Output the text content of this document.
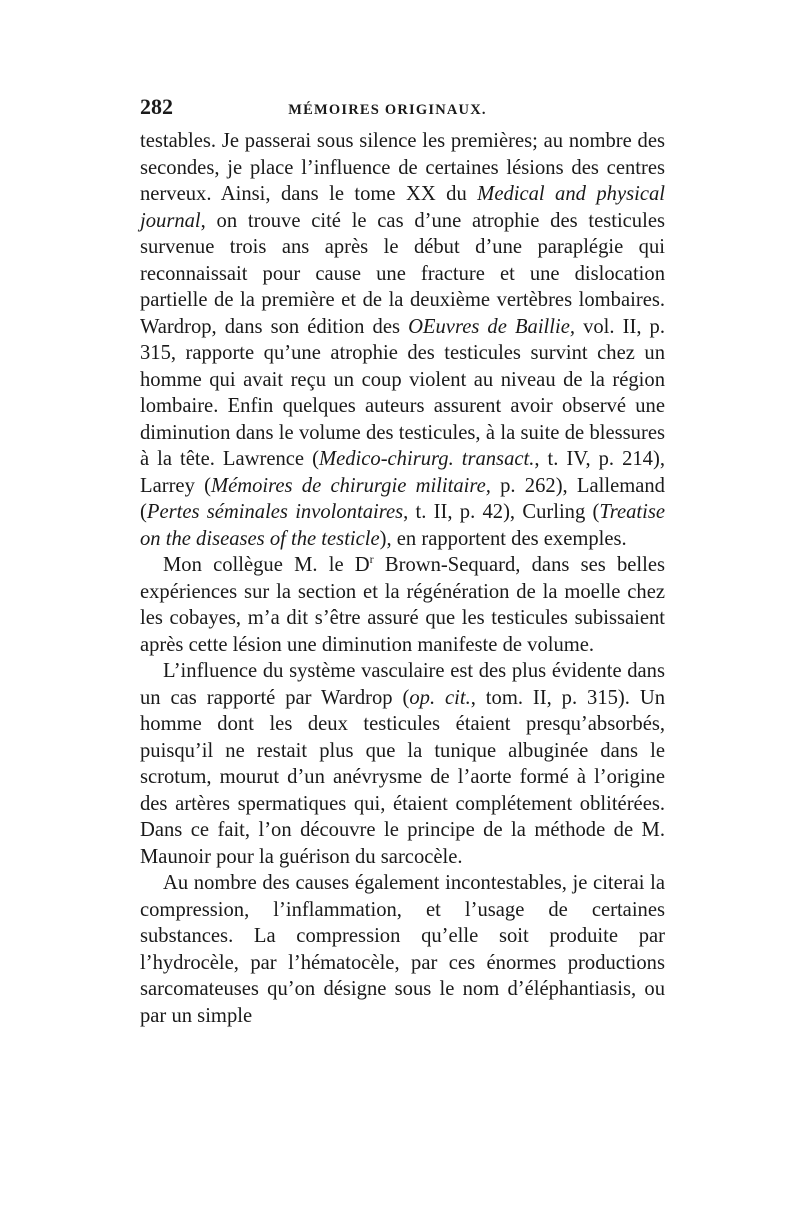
282	MÉMOIRES ORIGINAUX.

testables. Je passerai sous silence les premières; au nombre des secondes, je place l’influence de certaines lésions des centres nerveux. Ainsi, dans le tome XX du Medical and physical journal, on trouve cité le cas d’une atrophie des testicules survenue trois ans après le début d’une paraplégie qui reconnaissait pour cause une fracture et une dislocation partielle de la première et de la deuxième vertèbres lombaires. Wardrop, dans son édition des OEuvres de Baillie, vol. II, p. 315, rapporte qu’une atrophie des testicules survint chez un homme qui avait reçu un coup violent au niveau de la région lombaire. Enfin quelques auteurs assurent avoir observé une diminution dans le volume des testicules, à la suite de blessures à la tête. Lawrence (Medico-chirurg. transact., t. IV, p. 214), Larrey (Mémoires de chirurgie militaire, p. 262), Lallemand (Pertes séminales involontaires, t. II, p. 42), Curling (Treatise on the diseases of the testicle), en rapportent des exemples.

Mon collègue M. le $D^r$ Brown-Sequard, dans ses belles expériences sur la section et la régénération de la moelle chez les cobayes, m’a dit s’être assuré que les testicules subissaient après cette lésion une diminution manifeste de volume.

L’influence du système vasculaire est des plus évidente dans un cas rapporté par Wardrop (op. cit., tom. II, p. 315). Un homme dont les deux testicules étaient presqu’absorbés, puisqu’il ne restait plus que la tunique albuginée dans le scrotum, mourut d’un anévrysme de l’aorte formé à l’origine des artères spermatiques qui, étaient complétement oblitérées. Dans ce fait, l’on découvre le principe de la méthode de M. Maunoir pour la guérison du sarcocèle.

Au nombre des causes également incontestables, je citerai la compression, l’inflammation, et l’usage de certaines substances. La compression qu’elle soit produite par l’hydrocèle, par l’hématocèle, par ces énormes productions sarcomateuses qu’on désigne sous le nom d’éléphantiasis, ou par un simple
